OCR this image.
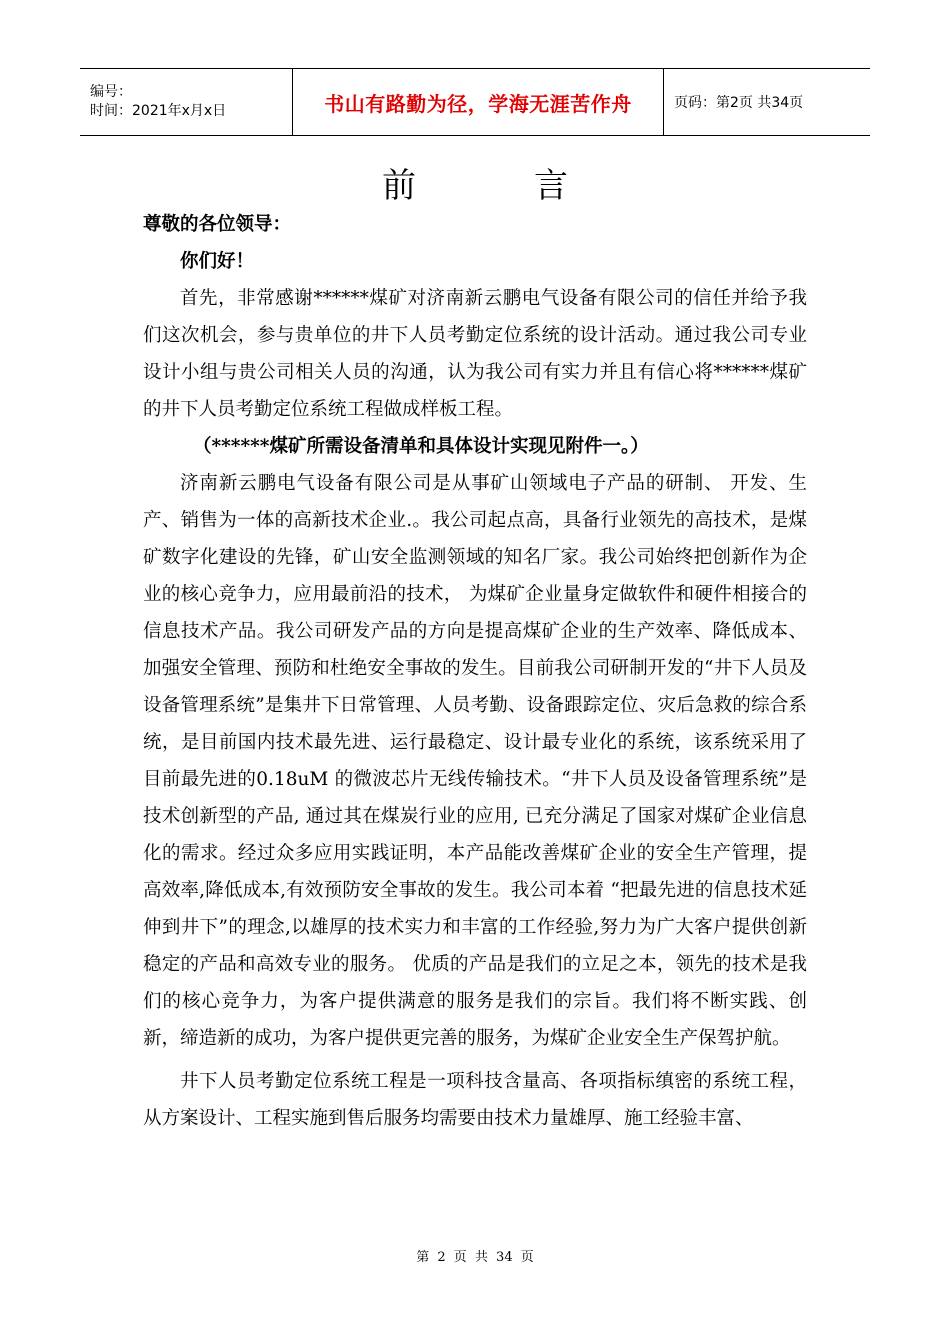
编号：
时间：2021年x月x日	书山有路勤为径，学海无涯苦作舟	页码：第2页 共34页
前言

尊敬的各位领导：

你们好！

首先，非常感谢******煤矿对济南新云鹏电气设备有限公司的信任并给予我们这次机会，参与贵单位的井下人员考勤定位系统的设计活动。通过我公司专业设计小组与贵公司相关人员的沟通，认为我公司有实力并且有信心将******煤矿的井下人员考勤定位系统工程做成样板工程。

（******煤矿所需设备清单和具体设计实现见附件一。）

济南新云鹏电气设备有限公司是从事矿山领域电子产品的研制、 开发、生产、销售为一体的高新技术企业.。我公司起点高，具备行业领先的高技术，是煤矿数字化建设的先锋，矿山安全监测领域的知名厂家。我公司始终把创新作为企业的核心竞争力，应用最前沿的技术， 为煤矿企业量身定做软件和硬件相接合的信息技术产品。我公司研发产品的方向是提高煤矿企业的生产效率、降低成本、加强安全管理、预防和杜绝安全事故的发生。目前我公司研制开发的“井下人员及设备管理系统”是集井下日常管理、人员考勤、设备跟踪定位、灾后急救的综合系统，是目前国内技术最先进、运行最稳定、设计最专业化的系统，该系统采用了目前最先进的0.18uM 的微波芯片无线传输技术。“井下人员及设备管理系统”是技术创新型的产品, 通过其在煤炭行业的应用, 已充分满足了国家对煤矿企业信息化的需求。经过众多应用实践证明，本产品能改善煤矿企业的安全生产管理，提高效率,降低成本,有效预防安全事故的发生。我公司本着 “把最先进的信息技术延伸到井下”的理念,以雄厚的技术实力和丰富的工作经验,努力为广大客户提供创新稳定的产品和高效专业的服务。 优质的产品是我们的立足之本，领先的技术是我们的核心竞争力，为客户提供满意的服务是我们的宗旨。我们将不断实践、创新，缔造新的成功，为客户提供更完善的服务，为煤矿企业安全生产保驾护航。

井下人员考勤定位系统工程是一项科技含量高、各项指标缜密的系统工程，从方案设计、工程实施到售后服务均需要由技术力量雄厚、施工经验丰富、

第 2 页 共 34 页
